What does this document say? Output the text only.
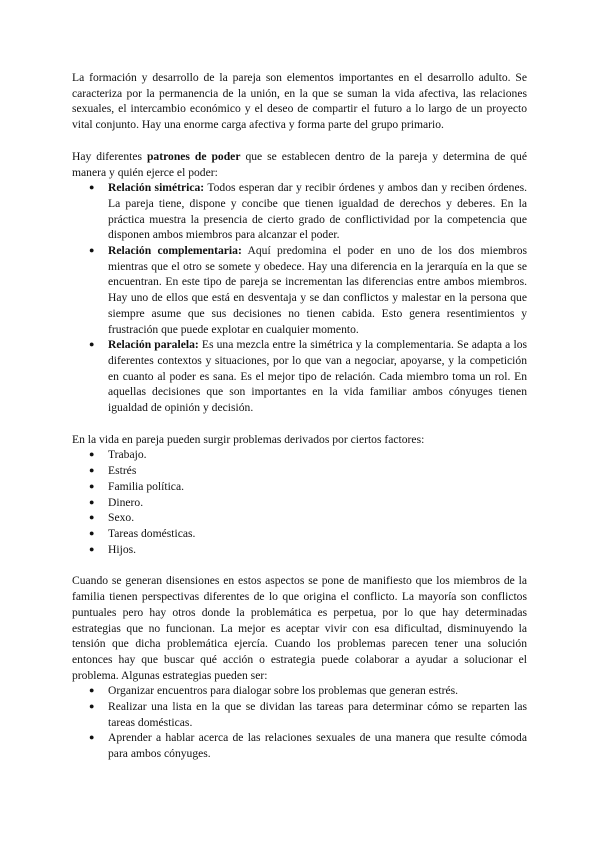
La formación y desarrollo de la pareja son elementos importantes en el desarrollo adulto. Se caracteriza por la permanencia de la unión, en la que se suman la vida afectiva, las relaciones sexuales, el intercambio económico y el deseo de compartir el futuro a lo largo de un proyecto vital conjunto. Hay una enorme carga afectiva y forma parte del grupo primario.

Hay diferentes patrones de poder que se establecen dentro de la pareja y determina de qué manera y quién ejerce el poder:

● Relación simétrica: Todos esperan dar y recibir órdenes y ambos dan y reciben órdenes. La pareja tiene, dispone y concibe que tienen igualdad de derechos y deberes. En la práctica muestra la presencia de cierto grado de conflictividad por la competencia que disponen ambos miembros para alcanzar el poder.
● Relación complementaria: Aquí predomina el poder en uno de los dos miembros mientras que el otro se somete y obedece. Hay una diferencia en la jerarquía en la que se encuentran. En este tipo de pareja se incrementan las diferencias entre ambos miembros. Hay uno de ellos que está en desventaja y se dan conflictos y malestar en la persona que siempre asume que sus decisiones no tienen cabida. Esto genera resentimientos y frustración que puede explotar en cualquier momento.
● Relación paralela: Es una mezcla entre la simétrica y la complementaria. Se adapta a los diferentes contextos y situaciones, por lo que van a negociar, apoyarse, y la competición en cuanto al poder es sana. Es el mejor tipo de relación. Cada miembro toma un rol. En aquellas decisiones que son importantes en la vida familiar ambos cónyuges tienen igualdad de opinión y decisión.

En la vida en pareja pueden surgir problemas derivados por ciertos factores:

● Trabajo.
● Estrés
● Familia política.
● Dinero.
● Sexo.
● Tareas domésticas.
● Hijos.

Cuando se generan disensiones en estos aspectos se pone de manifiesto que los miembros de la familia tienen perspectivas diferentes de lo que origina el conflicto. La mayoría son conflictos puntuales pero hay otros donde la problemática es perpetua, por lo que hay determinadas estrategias que no funcionan. La mejor es aceptar vivir con esa dificultad, disminuyendo la tensión que dicha problemática ejercía. Cuando los problemas parecen tener una solución entonces hay que buscar qué acción o estrategia puede colaborar a ayudar a solucionar el problema. Algunas estrategias pueden ser:

● Organizar encuentros para dialogar sobre los problemas que generan estrés.
● Realizar una lista en la que se dividan las tareas para determinar cómo se reparten las tareas domésticas.
● Aprender a hablar acerca de las relaciones sexuales de una manera que resulte cómoda para ambos cónyuges.
